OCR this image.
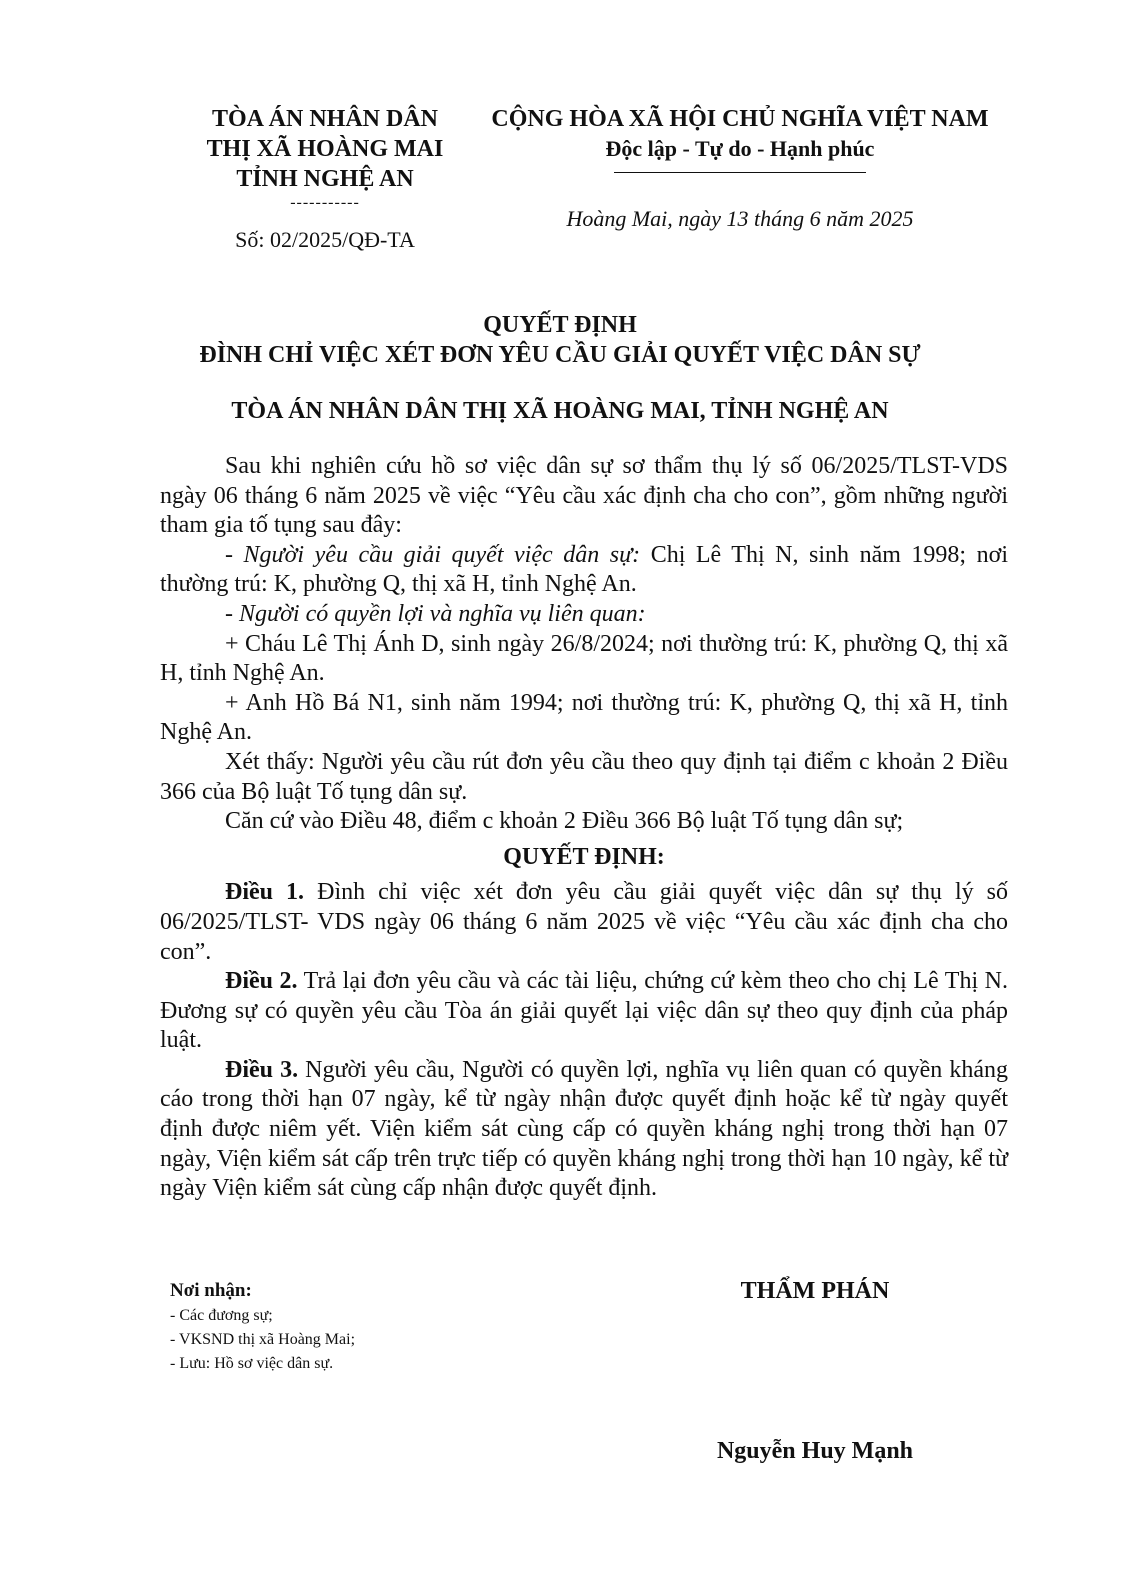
TÒA ÁN NHÂN DÂN
THỊ XÃ HOÀNG MAI
TỈNH NGHỆ AN
-----------
Số: 02/2025/QĐ-TA
CỘNG HÒA XÃ HỘI CHỦ NGHĨA VIỆT NAM
Độc lập - Tự do - Hạnh phúc
Hoàng Mai, ngày 13 tháng 6 năm 2025
QUYẾT ĐỊNH
ĐÌNH CHỈ VIỆC XÉT ĐƠN YÊU CẦU GIẢI QUYẾT VIỆC DÂN SỰ
TÒA ÁN NHÂN DÂN THỊ XÃ HOÀNG MAI, TỈNH NGHỆ AN

Sau khi nghiên cứu hồ sơ việc dân sự sơ thẩm thụ lý số 06/2025/TLST-VDS ngày 06 tháng 6 năm 2025 về việc “Yêu cầu xác định cha cho con”, gồm những người tham gia tố tụng sau đây:

- Người yêu cầu giải quyết việc dân sự: Chị Lê Thị N, sinh năm 1998; nơi thường trú: K, phường Q, thị xã H, tỉnh Nghệ An.

- Người có quyền lợi và nghĩa vụ liên quan:

+ Cháu Lê Thị Ánh D, sinh ngày 26/8/2024; nơi thường trú: K, phường Q, thị xã H, tỉnh Nghệ An.

+ Anh Hồ Bá N1, sinh năm 1994; nơi thường trú: K, phường Q, thị xã H, tỉnh Nghệ An.

Xét thấy: Người yêu cầu rút đơn yêu cầu theo quy định tại điểm c khoản 2 Điều 366 của Bộ luật Tố tụng dân sự.

Căn cứ vào Điều 48, điểm c khoản 2 Điều 366 Bộ luật Tố tụng dân sự;

QUYẾT ĐỊNH:

Điều 1. Đình chỉ việc xét đơn yêu cầu giải quyết việc dân sự thụ lý số 06/2025/TLST- VDS ngày 06 tháng 6 năm 2025 về việc “Yêu cầu xác định cha cho con”.

Điều 2. Trả lại đơn yêu cầu và các tài liệu, chứng cứ kèm theo cho chị Lê Thị N. Đương sự có quyền yêu cầu Tòa án giải quyết lại việc dân sự theo quy định của pháp luật.

Điều 3. Người yêu cầu, Người có quyền lợi, nghĩa vụ liên quan có quyền kháng cáo trong thời hạn 07 ngày, kể từ ngày nhận được quyết định hoặc kể từ ngày quyết định được niêm yết. Viện kiểm sát cùng cấp có quyền kháng nghị trong thời hạn 07 ngày, Viện kiểm sát cấp trên trực tiếp có quyền kháng nghị trong thời hạn 10 ngày, kể từ ngày Viện kiểm sát cùng cấp nhận được quyết định.

Nơi nhận:
- Các đương sự;
- VKSND thị xã Hoàng Mai;
- Lưu: Hồ sơ việc dân sự.
THẨM PHÁN
Nguyễn Huy Mạnh
